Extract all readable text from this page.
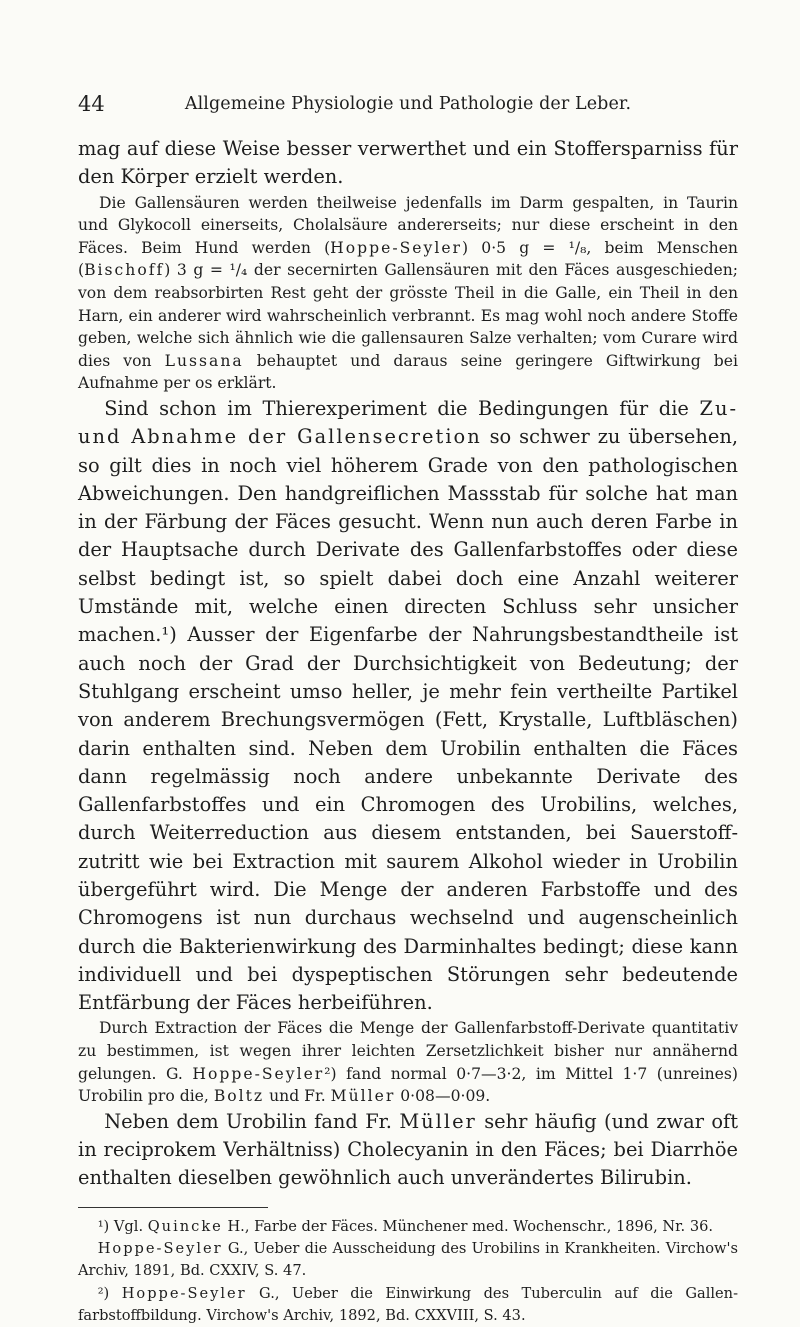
44	Allgemeine Physiologie und Pathologie der Leber.

mag auf diese Weise besser verwerthet und ein Stoffersparniss für den Körper erzielt werden.

Die Gallensäuren werden theilweise jedenfalls im Darm gespalten, in Taurin und Glykocoll einerseits, Cholalsäure andererseits; nur diese erscheint in den Fäces. Beim Hund werden (Hoppe-Seyler) 0·5 g = ¹/₈, beim Menschen (Bischoff) 3 g = ¹/₄ der secernirten Gallensäuren mit den Fäces ausgeschieden; von dem reabsorbirten Rest geht der grösste Theil in die Galle, ein Theil in den Harn, ein anderer wird wahrscheinlich verbrannt. Es mag wohl noch andere Stoffe geben, welche sich ähnlich wie die gallensauren Salze verhalten; vom Curare wird dies von Lussana behauptet und daraus seine geringere Giftwirkung bei Aufnahme per os erklärt.

Sind schon im Thierexperiment die Bedingungen für die Zu- und Abnahme der Gallensecretion so schwer zu übersehen, so gilt dies in noch viel höherem Grade von den pathologischen Abweichungen. Den handgreiflichen Massstab für solche hat man in der Färbung der Fäces gesucht. Wenn nun auch deren Farbe in der Hauptsache durch Derivate des Gallenfarbstoffes oder diese selbst bedingt ist, so spielt dabei doch eine Anzahl weiterer Umstände mit, welche einen directen Schluss sehr unsicher machen.¹) Ausser der Eigenfarbe der Nahrungsbestandtheile ist auch noch der Grad der Durchsichtigkeit von Bedeutung; der Stuhlgang erscheint umso heller, je mehr fein vertheilte Partikel von anderem Brechungsvermögen (Fett, Krystalle, Luftbläschen) darin enthalten sind. Neben dem Urobilin enthalten die Fäces dann regelmässig noch andere unbekannte Derivate des Gallenfarbstoffes und ein Chromogen des Urobilins, welches, durch Weiterreduction aus diesem entstanden, bei Sauerstoffzutritt wie bei Extraction mit saurem Alkohol wieder in Urobilin übergeführt wird. Die Menge der anderen Farbstoffe und des Chromogens ist nun durchaus wechselnd und augenscheinlich durch die Bakterienwirkung des Darminhaltes bedingt; diese kann individuell und bei dyspeptischen Störungen sehr bedeutende Entfärbung der Fäces herbeiführen.

Durch Extraction der Fäces die Menge der Gallenfarbstoff-Derivate quantitativ zu bestimmen, ist wegen ihrer leichten Zersetzlichkeit bisher nur annähernd gelungen. G. Hoppe-Seyler²) fand normal 0·7—3·2, im Mittel 1·7 (unreines) Urobilin pro die, Boltz und Fr. Müller 0·08—0·09.

Neben dem Urobilin fand Fr. Müller sehr häufig (und zwar oft in reciprokem Verhältniss) Cholecyanin in den Fäces; bei Diarrhöe enthalten dieselben gewöhnlich auch unverändertes Bilirubin.

¹) Vgl. Quincke H., Farbe der Fäces. Münchener med. Wochenschr., 1896, Nr. 36.

Hoppe-Seyler G., Ueber die Ausscheidung des Urobilins in Krankheiten. Virchow's Archiv, 1891, Bd. CXXIV, S. 47.

²) Hoppe-Seyler G., Ueber die Einwirkung des Tuberculin auf die Gallenfarbstoffbildung. Virchow's Archiv, 1892, Bd. CXXVIII, S. 43.
